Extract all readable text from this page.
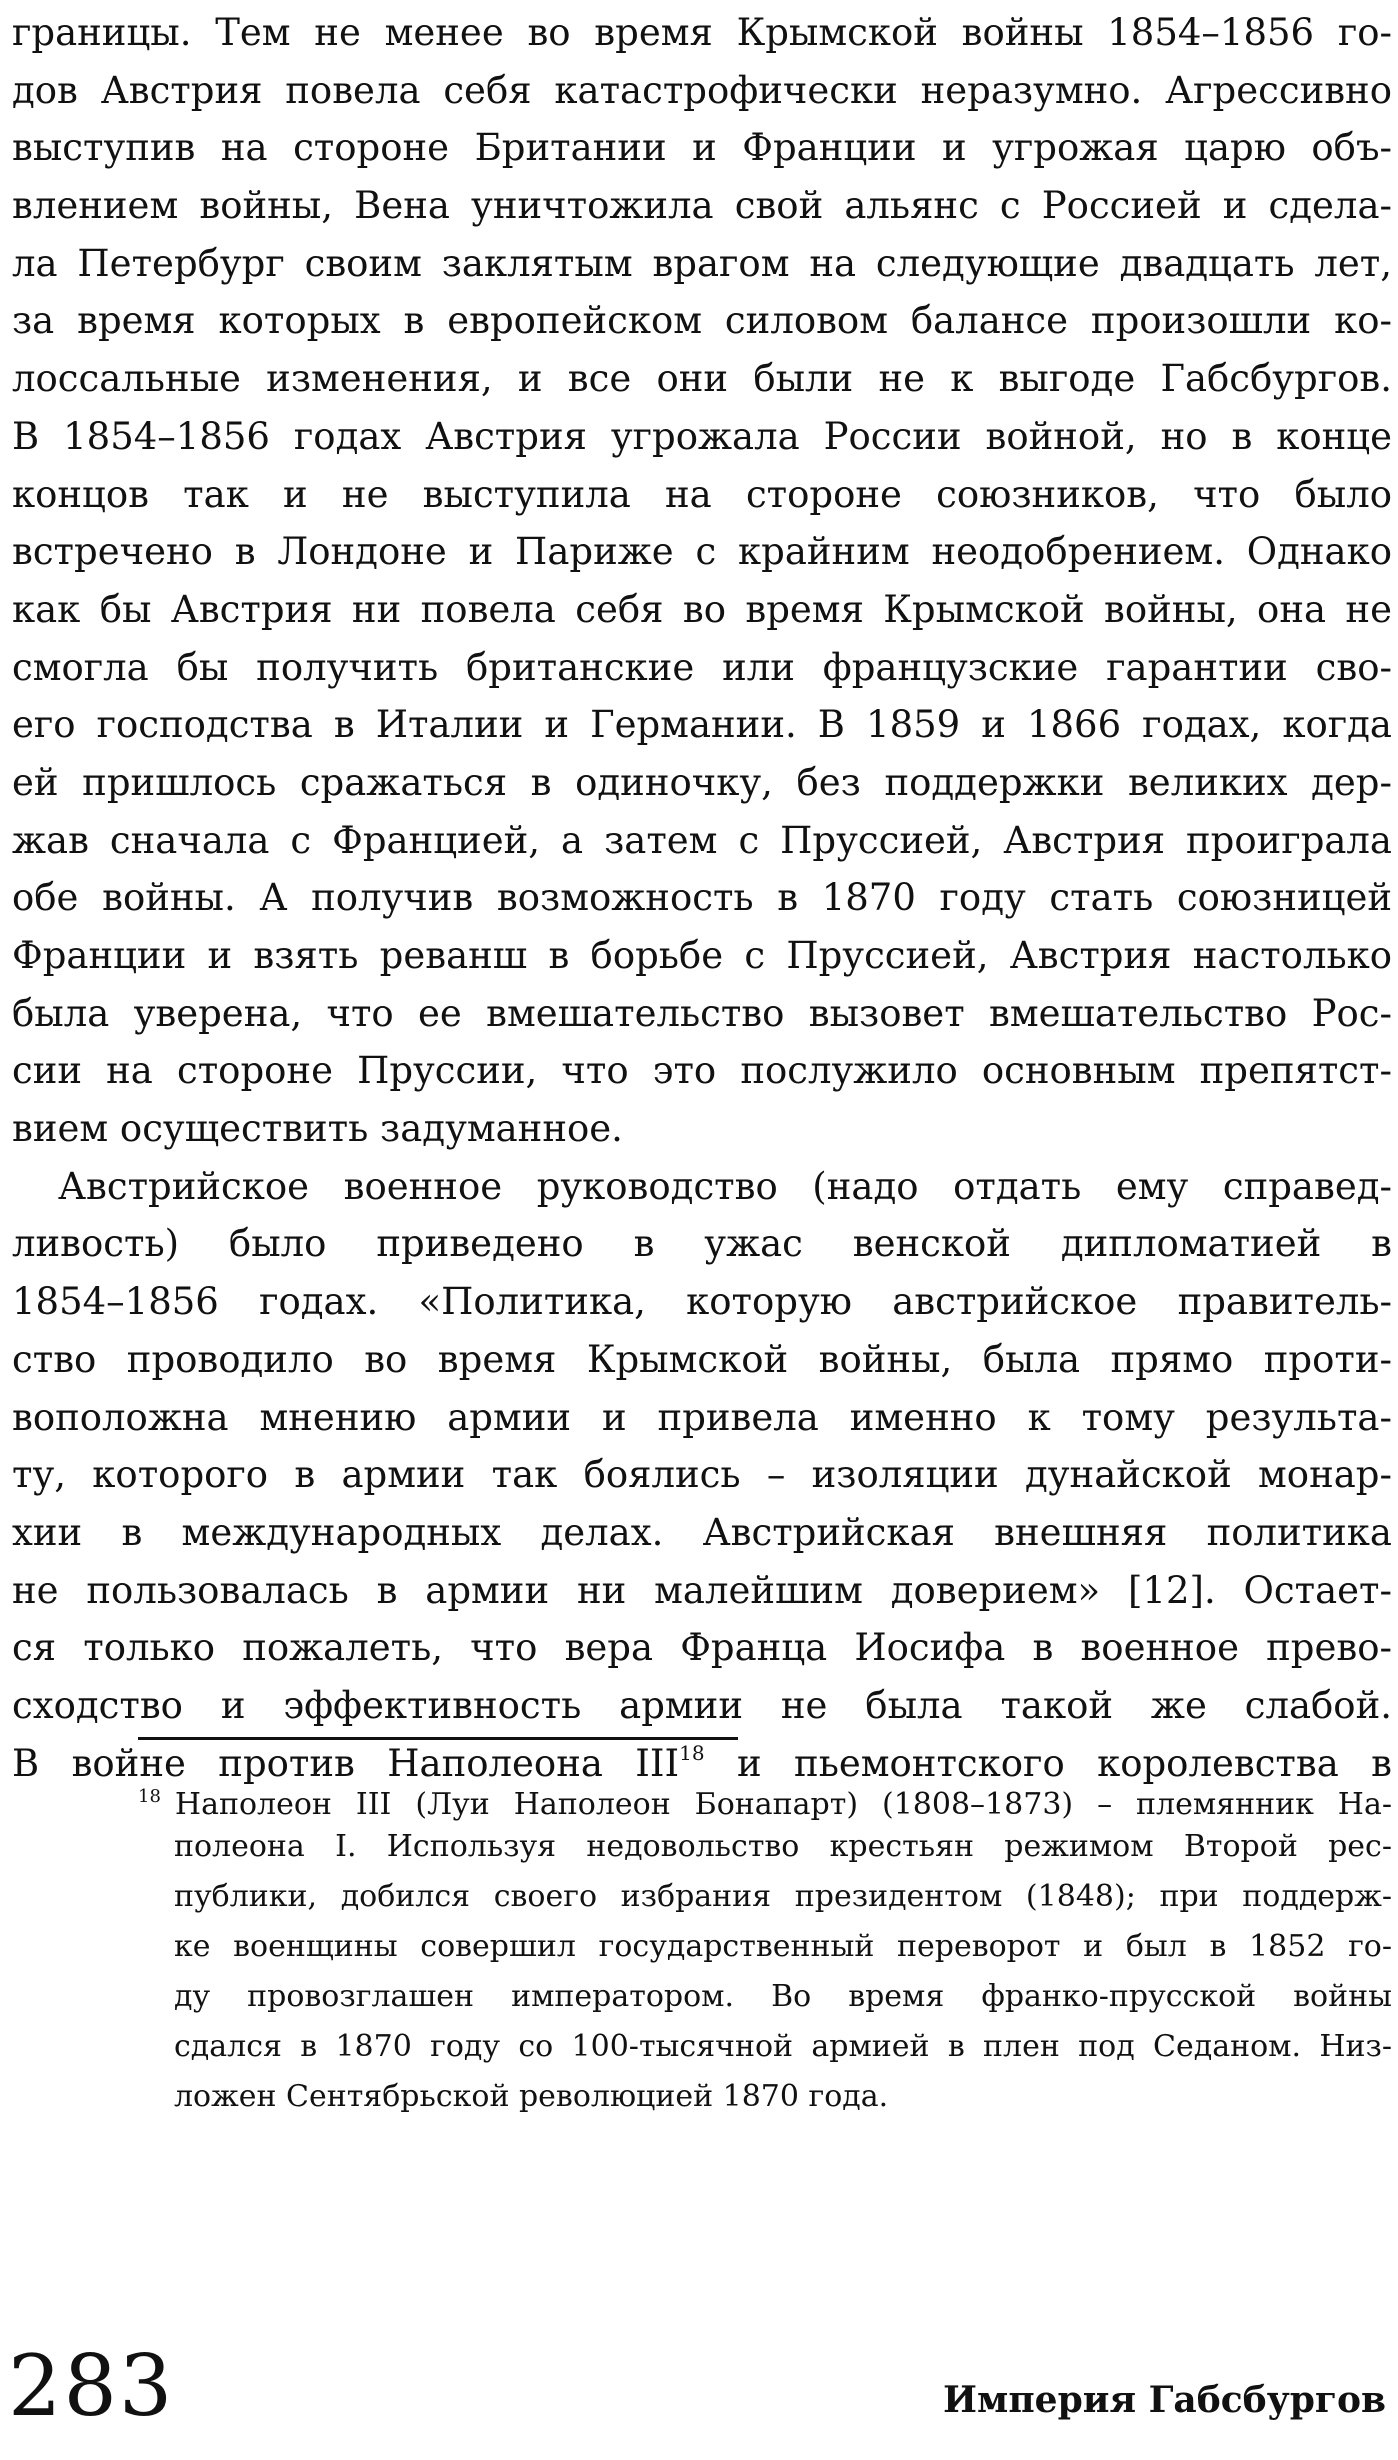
границы. Тем не менее во время Крымской войны 1854–1856 го-
дов Австрия повела себя катастрофически неразумно. Агрессивно
выступив на стороне Британии и Франции и угрожая царю объ-
влением войны, Вена уничтожила свой альянс с Россией и сдела-
ла Петербург своим заклятым врагом на следующие двадцать лет,
за время которых в европейском силовом балансе произошли ко-
лоссальные изменения, и все они были не к выгоде Габсбургов.
В 1854–1856 годах Австрия угрожала России войной, но в конце
концов так и не выступила на стороне союзников, что было
встречено в Лондоне и Париже с крайним неодобрением. Однако
как бы Австрия ни повела себя во время Крымской войны, она не
смогла бы получить британские или французские гарантии сво-
его господства в Италии и Германии. В 1859 и 1866 годах, когда
ей пришлось сражаться в одиночку, без поддержки великих дер-
жав сначала с Францией, а затем с Пруссией, Австрия проиграла
обе войны. А получив возможность в 1870 году стать союзницей
Франции и взять реванш в борьбе с Пруссией, Австрия настолько
была уверена, что ее вмешательство вызовет вмешательство Рос-
сии на стороне Пруссии, что это послужило основным препятст-
вием осуществить задуманное.
Австрийское военное руководство (надо отдать ему справед-
ливость) было приведено в ужас венской дипломатией в
1854–1856 годах. «Политика, которую австрийское правитель-
ство проводило во время Крымской войны, была прямо проти-
воположна мнению армии и привела именно к тому результа-
ту, которого в армии так боялись – изоляции дунайской монар-
хии в международных делах. Австрийская внешняя политика
не пользовалась в армии ни малейшим доверием» [12]. Остает-
ся только пожалеть, что вера Франца Иосифа в военное прево-
сходство и эффективность армии не была такой же слабой.
В войне против Наполеона III$^{18}$ и пьемонтского королевства в
$^{18}$ Наполеон III (Луи Наполеон Бонапарт) (1808–1873) – племянник На-
полеона I. Используя недовольство крестьян режимом Второй рес-
публики, добился своего избрания президентом (1848); при поддерж-
ке военщины совершил государственный переворот и был в 1852 го-
ду провозглашен императором. Во время франко-прусской войны
сдался в 1870 году со 100-тысячной армией в плен под Седаном. Низ-
ложен Сентябрьской революцией 1870 года.
283	Империя Габсбургов
